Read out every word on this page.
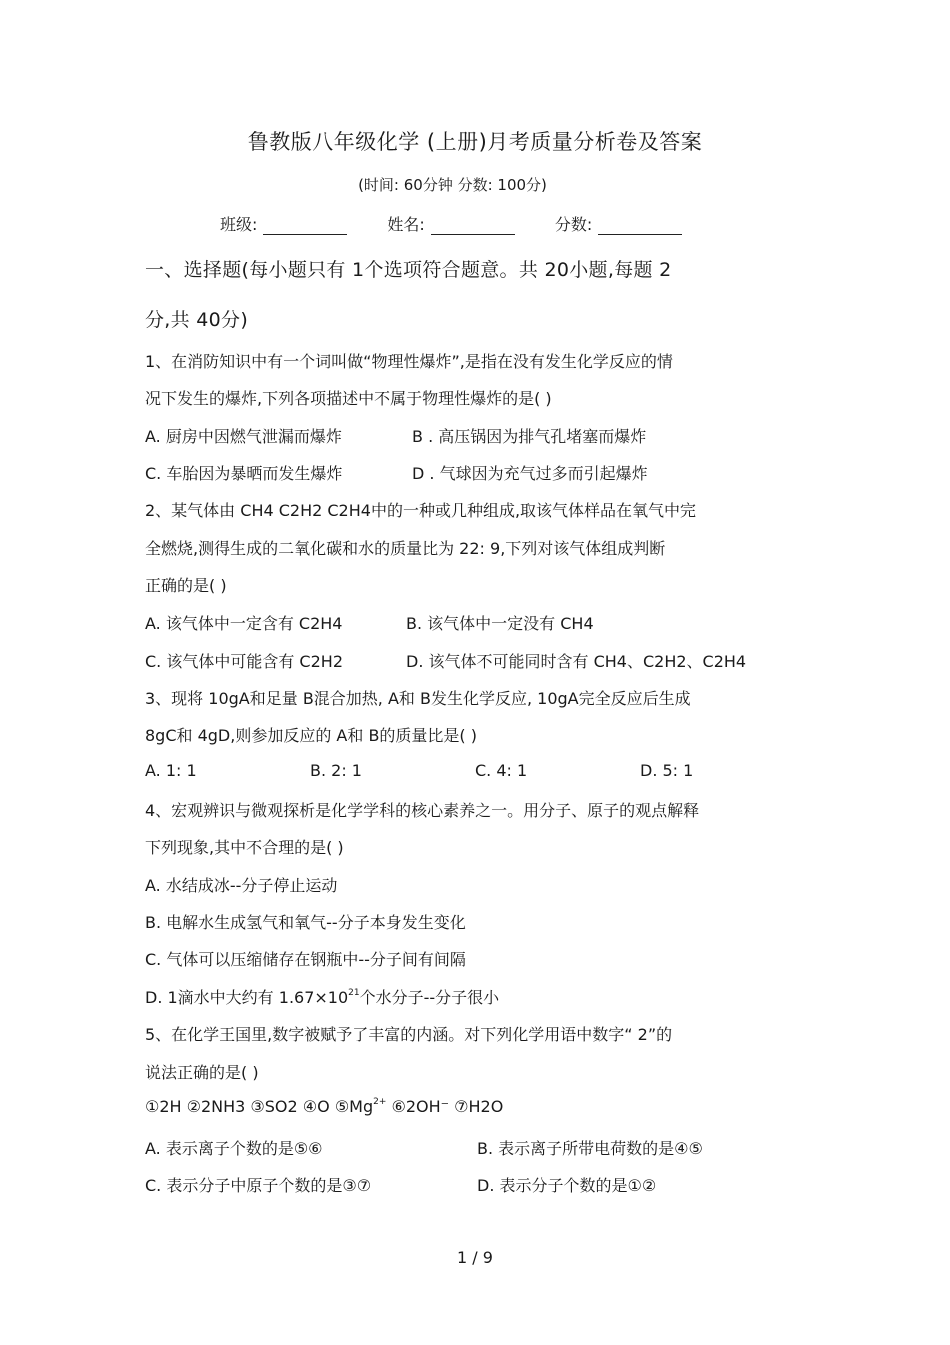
鲁教版八年级化学 (上册)月考质量分析卷及答案
(时间: 60分钟 分数: 100分)
班级:	姓名:	分数:
一、选择题(每小题只有 1个选项符合题意。共 20小题,每题 2
分,共 40分)
1、在消防知识中有一个词叫做“物理性爆炸”,是指在没有发生化学反应的情
况下发生的爆炸,下列各项描述中不属于物理性爆炸的是( )
A. 厨房中因燃气泄漏而爆炸	B . 高压锅因为排气孔堵塞而爆炸
C. 车胎因为暴晒而发生爆炸	D . 气球因为充气过多而引起爆炸
2、某气体由 CH4 C2H2 C2H4中的一种或几种组成,取该气体样品在氧气中完
全燃烧,测得生成的二氧化碳和水的质量比为 22: 9,下列对该气体组成判断
正确的是( )
A. 该气体中一定含有 C2H4	B. 该气体中一定没有 CH4
C. 该气体中可能含有 C2H2	D. 该气体不可能同时含有 CH4、C2H2、C2H4
3、现将 10gA和足量 B混合加热, A和 B发生化学反应, 10gA完全反应后生成
8gC和 4gD,则参加反应的 A和 B的质量比是( )
A. 1: 1	B. 2: 1	C. 4: 1	D. 5: 1
4、宏观辨识与微观探析是化学学科的核心素养之一。用分子、原子的观点解释
下列现象,其中不合理的是( )
A. 水结成冰--分子停止运动
B. 电解水生成氢气和氧气--分子本身发生变化
C. 气体可以压缩储存在钢瓶中--分子间有间隔
D. 1滴水中大约有 $1.67\times 10^{21}$个水分子--分子很小
5、在化学王国里,数字被赋予了丰富的内涵。对下列化学用语中数字“ 2”的
说法正确的是( )
①2H ②2NH3 ③SO2 ④O $⑤Mg^{2+}$ ⑥2OH⁻ ⑦H2O
A. 表示离子个数的是⑤⑥	B. 表示离子所带电荷数的是④⑤
C. 表示分子中原子个数的是③⑦	D. 表示分子个数的是①②
1 / 9
